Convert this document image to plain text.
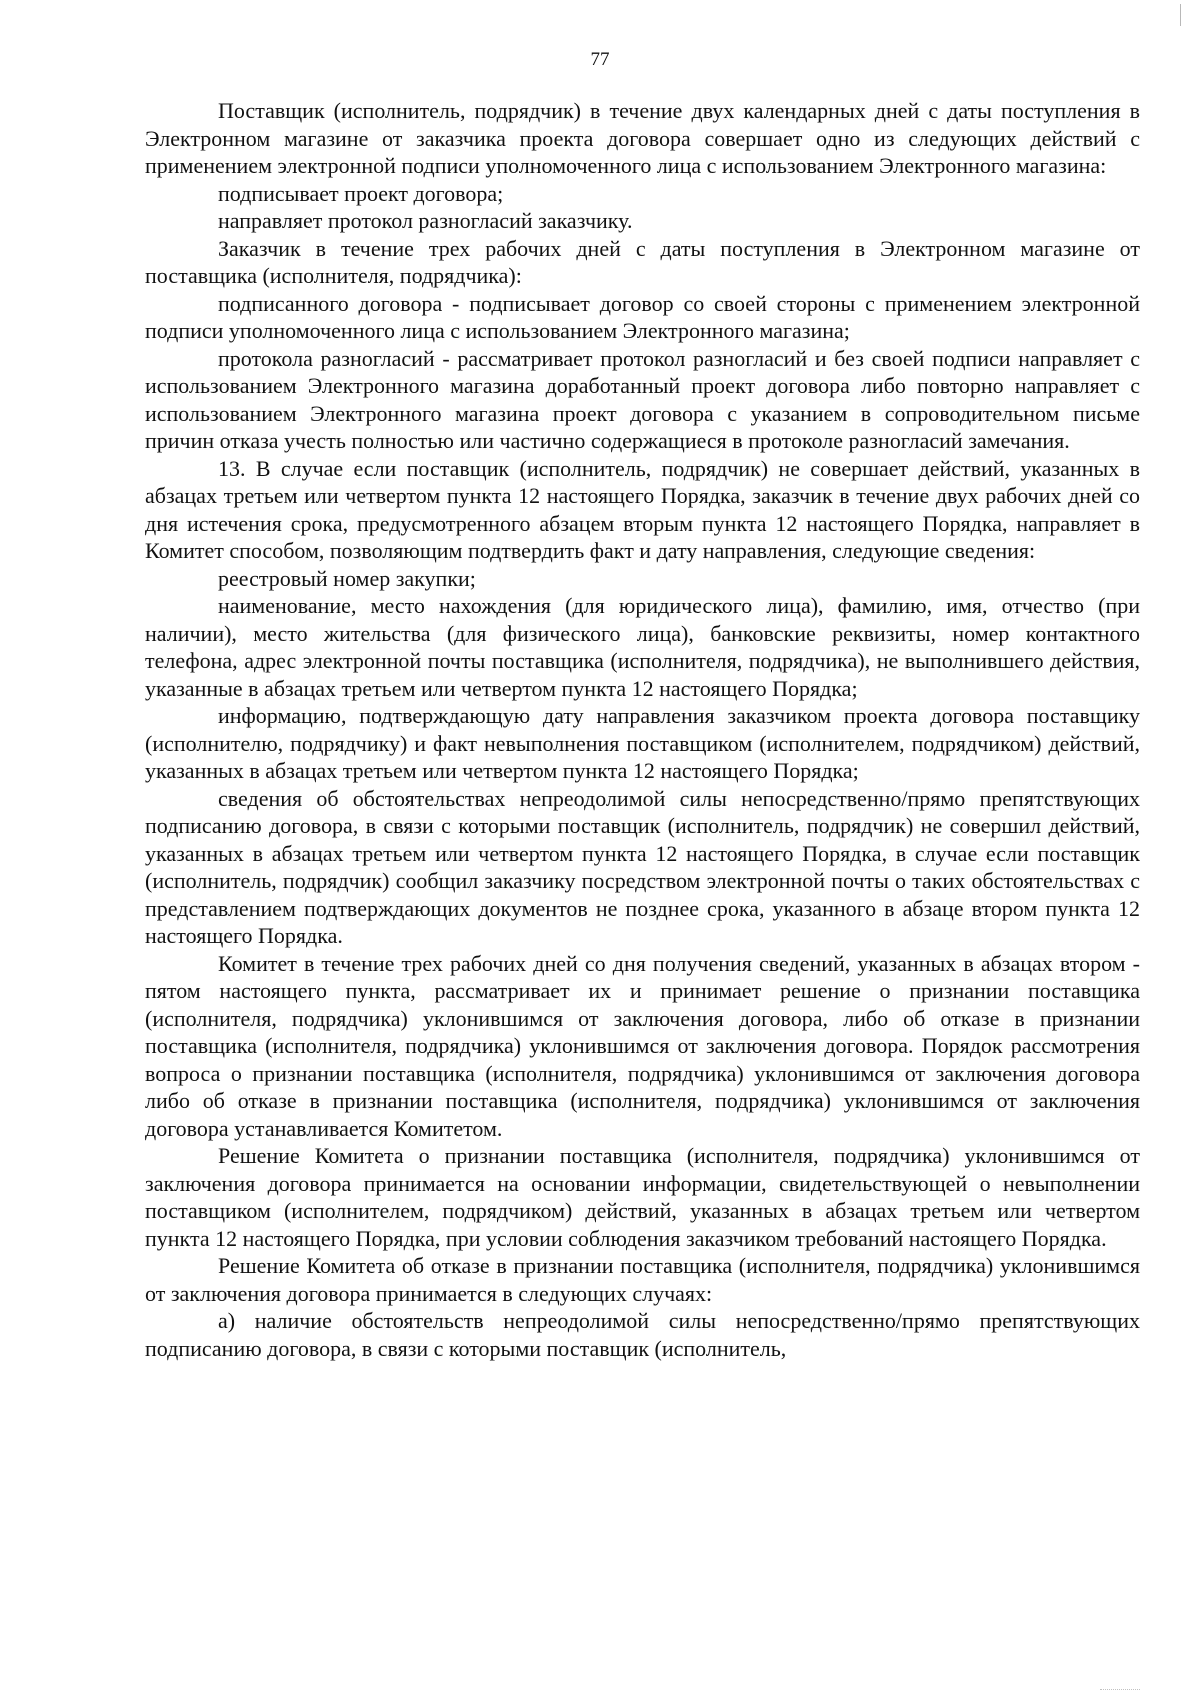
77

Поставщик (исполнитель, подрядчик) в течение двух календарных дней с даты поступления в Электронном магазине от заказчика проекта договора совершает одно из следующих действий с применением электронной подписи уполномоченного лица с использованием Электронного магазина:

подписывает проект договора;

направляет протокол разногласий заказчику.

Заказчик в течение трех рабочих дней с даты поступления в Электронном магазине от поставщика (исполнителя, подрядчика):

подписанного договора - подписывает договор со своей стороны с применением электронной подписи уполномоченного лица с использованием Электронного магазина;

протокола разногласий - рассматривает протокол разногласий и без своей подписи направляет с использованием Электронного магазина доработанный проект договора либо повторно направляет с использованием Электронного магазина проект договора с указанием в сопроводительном письме причин отказа учесть полностью или частично содержащиеся в протоколе разногласий замечания.

13. В случае если поставщик (исполнитель, подрядчик) не совершает действий, указанных в абзацах третьем или четвертом пункта 12 настоящего Порядка, заказчик в течение двух рабочих дней со дня истечения срока, предусмотренного абзацем вторым пункта 12 настоящего Порядка, направляет в Комитет способом, позволяющим подтвердить факт и дату направления, следующие сведения:

реестровый номер закупки;

наименование, место нахождения (для юридического лица), фамилию, имя, отчество (при наличии), место жительства (для физического лица), банковские реквизиты, номер контактного телефона, адрес электронной почты поставщика (исполнителя, подрядчика), не выполнившего действия, указанные в абзацах третьем или четвертом пункта 12 настоящего Порядка;

информацию, подтверждающую дату направления заказчиком проекта договора поставщику (исполнителю, подрядчику) и факт невыполнения поставщиком (исполнителем, подрядчиком) действий, указанных в абзацах третьем или четвертом пункта 12 настоящего Порядка;

сведения об обстоятельствах непреодолимой силы непосредственно/прямо препятствующих подписанию договора, в связи с которыми поставщик (исполнитель, подрядчик) не совершил действий, указанных в абзацах третьем или четвертом пункта 12 настоящего Порядка, в случае если поставщик (исполнитель, подрядчик) сообщил заказчику посредством электронной почты о таких обстоятельствах с представлением подтверждающих документов не позднее срока, указанного в абзаце втором пункта 12 настоящего Порядка.

Комитет в течение трех рабочих дней со дня получения сведений, указанных в абзацах втором - пятом настоящего пункта, рассматривает их и принимает решение о признании поставщика (исполнителя, подрядчика) уклонившимся от заключения договора, либо об отказе в признании поставщика (исполнителя, подрядчика) уклонившимся от заключения договора. Порядок рассмотрения вопроса о признании поставщика (исполнителя, подрядчика) уклонившимся от заключения договора либо об отказе в признании поставщика (исполнителя, подрядчика) уклонившимся от заключения договора устанавливается Комитетом.

Решение Комитета о признании поставщика (исполнителя, подрядчика) уклонившимся от заключения договора принимается на основании информации, свидетельствующей о невыполнении поставщиком (исполнителем, подрядчиком) действий, указанных в абзацах третьем или четвертом пункта 12 настоящего Порядка, при условии соблюдения заказчиком требований настоящего Порядка.

Решение Комитета об отказе в признании поставщика (исполнителя, подрядчика) уклонившимся от заключения договора принимается в следующих случаях:

а) наличие обстоятельств непреодолимой силы непосредственно/прямо препятствующих подписанию договора, в связи с которыми поставщик (исполнитель,
